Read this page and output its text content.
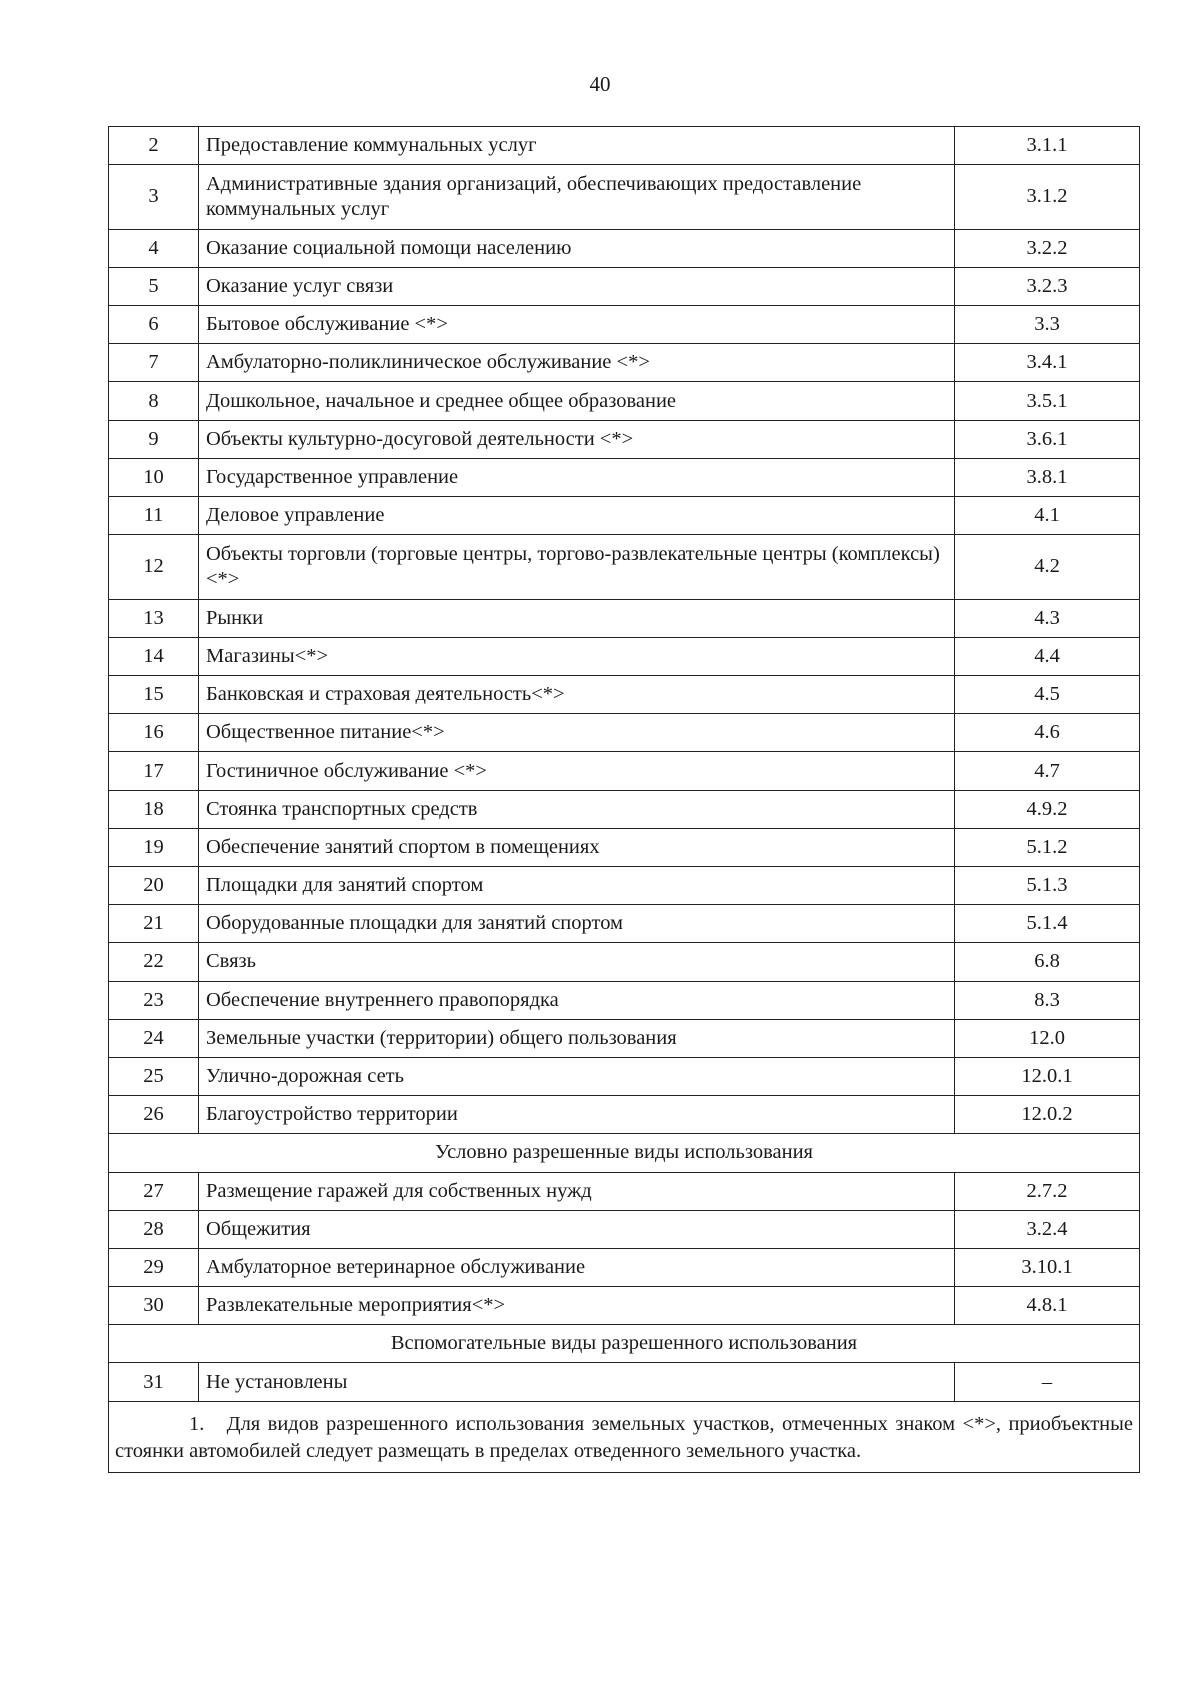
40
2	Предоставление коммунальных услуг	3.1.1
3	Административные здания организаций, обеспечивающих предоставление коммунальных услуг	3.1.2
4	Оказание социальной помощи населению	3.2.2
5	Оказание услуг связи	3.2.3
6	Бытовое обслуживание <*>	3.3
7	Амбулаторно-поликлиническое обслуживание <*>	3.4.1
8	Дошкольное, начальное и среднее общее образование	3.5.1
9	Объекты культурно-досуговой деятельности <*>	3.6.1
10	Государственное управление	3.8.1
11	Деловое управление	4.1
12	Объекты торговли (торговые центры, торгово-развлекательные центры (комплексы) <*>	4.2
13	Рынки	4.3
14	Магазины<*>	4.4
15	Банковская и страховая деятельность<*>	4.5
16	Общественное питание<*>	4.6
17	Гостиничное обслуживание <*>	4.7
18	Стоянка транспортных средств	4.9.2
19	Обеспечение занятий спортом в помещениях	5.1.2
20	Площадки для занятий спортом	5.1.3
21	Оборудованные площадки для занятий спортом	5.1.4
22	Связь	6.8
23	Обеспечение внутреннего правопорядка	8.3
24	Земельные участки (территории) общего пользования	12.0
25	Улично-дорожная сеть	12.0.1
26	Благоустройство территории	12.0.2
Условно разрешенные виды использования		
27	Размещение гаражей для собственных нужд	2.7.2
28	Общежития	3.2.4
29	Амбулаторное ветеринарное обслуживание	3.10.1
30	Развлекательные мероприятия<*>	4.8.1
Вспомогательные виды разрешенного использования		
31	Не установлены	–
1. Для видов разрешенного использования земельных участков, отмеченных знаком <*>, приобъектные стоянки автомобилей следует размещать в пределах отведенного земельного участка.		
